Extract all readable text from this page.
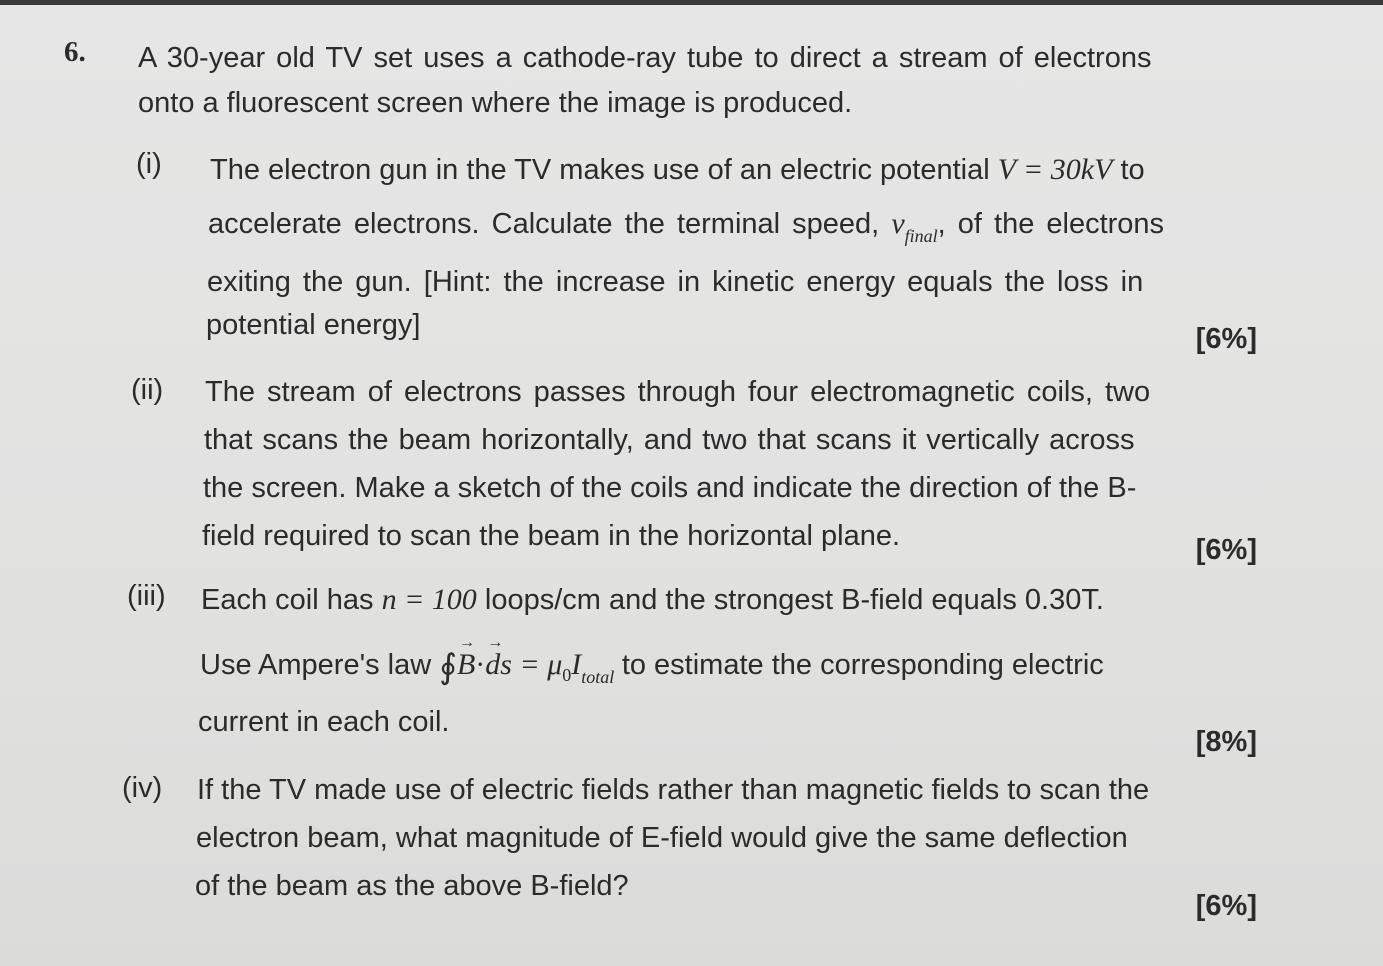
6. A 30-year old TV set uses a cathode-ray tube to direct a stream of electrons
onto a fluorescent screen where the image is produced.
(i) The electron gun in the TV makes use of an electric potential V = 30kV to
accelerate electrons. Calculate the terminal speed, $v_{final}$, of the electrons
exiting the gun. [Hint: the increase in kinetic energy equals the loss in
potential energy]	[6%]
(ii) The stream of electrons passes through four electromagnetic coils, two
that scans the beam horizontally, and two that scans it vertically across
the screen. Make a sketch of the coils and indicate the direction of the B-
field required to scan the beam in the horizontal plane.	[6%]
(iii) Each coil has n = 100 loops/cm and the strongest B-field equals 0.30T.
Use Ampere's law ∮→ B·→ ds = $\mu_0I_{total}$ to estimate the corresponding electric
current in each coil.
[8%]
(iv) If the TV made use of electric fields rather than magnetic fields to scan the
electron beam, what magnitude of E-field would give the same deflection
of the beam as the above B-field?
[6%]
